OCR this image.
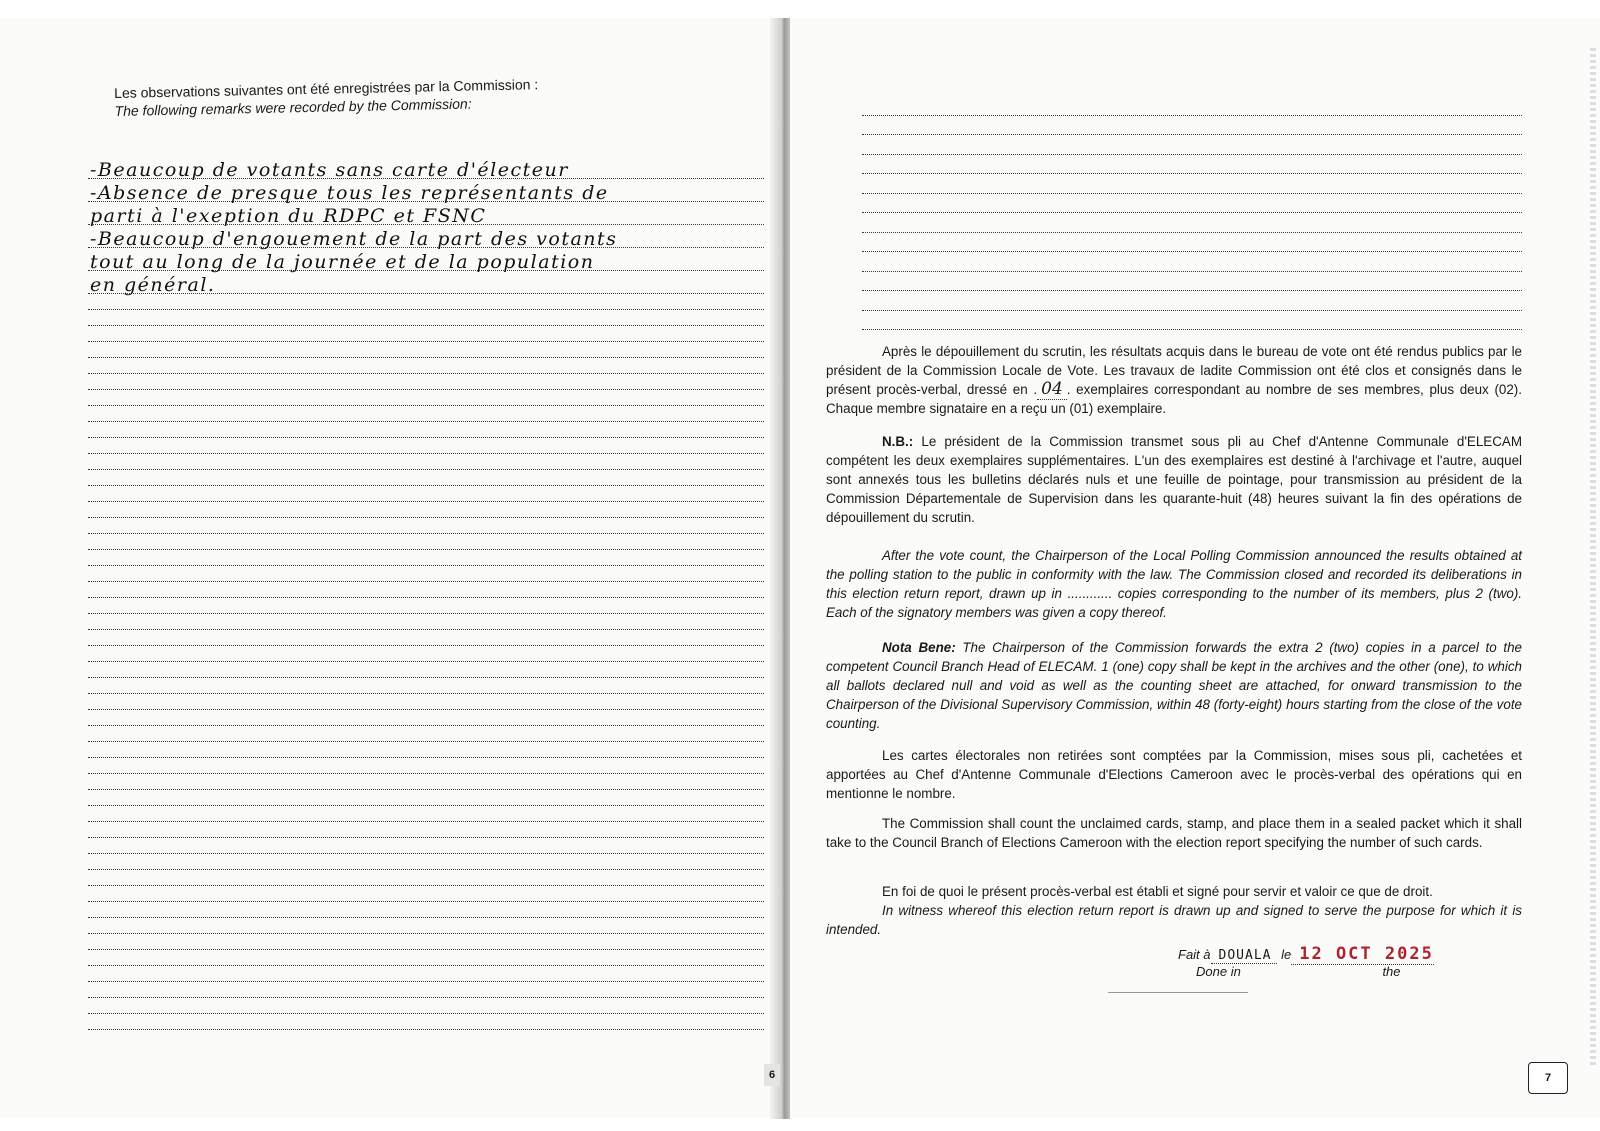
Les observations suivantes ont été enregistrées par la Commission :
The following remarks were recorded by the Commission:
-Beaucoup de votants sans carte d'électeur
-Absence de presque tous les représentants de
parti à l'exeption du RDPC et FSNC
-Beaucoup d'engouement de la part des votants
tout au long de la journée et de la population
en général.
6

Après le dépouillement du scrutin, les résultats acquis dans le bureau de vote ont été rendus publics par le président de la Commission Locale de Vote. Les travaux de ladite Commission ont été clos et consignés dans le présent procès-verbal, dressé en . 04 . exemplaires correspondant au nombre de ses membres, plus deux (02). Chaque membre signataire en a reçu un (01) exemplaire.

N.B.: Le président de la Commission transmet sous pli au Chef d'Antenne Communale d'ELECAM compétent les deux exemplaires supplémentaires. L'un des exemplaires est destiné à l'archivage et l'autre, auquel sont annexés tous les bulletins déclarés nuls et une feuille de pointage, pour transmission au président de la Commission Départementale de Supervision dans les quarante-huit (48) heures suivant la fin des opérations de dépouillement du scrutin.

After the vote count, the Chairperson of the Local Polling Commission announced the results obtained at the polling station to the public in conformity with the law. The Commission closed and recorded its deliberations in this election return report, drawn up in ............ copies corresponding to the number of its members, plus 2 (two). Each of the signatory members was given a copy thereof.

Nota Bene: The Chairperson of the Commission forwards the extra 2 (two) copies in a parcel to the competent Council Branch Head of ELECAM. 1 (one) copy shall be kept in the archives and the other (one), to which all ballots declared null and void as well as the counting sheet are attached, for onward transmission to the Chairperson of the Divisional Supervisory Commission, within 48 (forty-eight) hours starting from the close of the vote counting.

Les cartes électorales non retirées sont comptées par la Commission, mises sous pli, cachetées et apportées au Chef d'Antenne Communale d'Elections Cameroon avec le procès-verbal des opérations qui en mentionne le nombre.

The Commission shall count the unclaimed cards, stamp, and place them in a sealed packet which it shall take to the Council Branch of Elections Cameroon with the election report specifying the number of such cards.

En foi de quoi le présent procès-verbal est établi et signé pour servir et valoir ce que de droit.

In witness whereof this election return report is drawn up and signed to serve the purpose for which it is intended.

Fait à DOUALA le 12 OCT 2025
Done in	the
7
